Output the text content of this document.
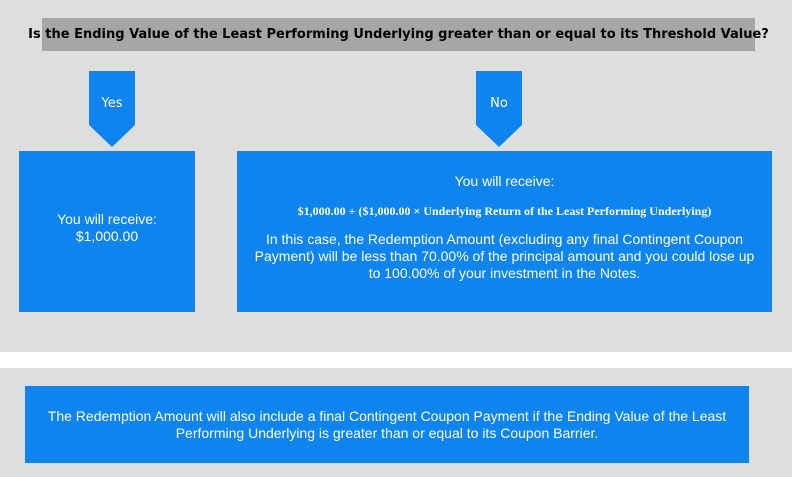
Is the Ending Value of the Least Performing Underlying greater than or equal to its Threshold Value?
Yes	No
You will receive:
$1,000.00
You will receive:
$1,000.00 + ($1,000.00 × Underlying Return of the Least Performing Underlying)
In this case, the Redemption Amount (excluding any final Contingent Coupon Payment) will be less than 70.00% of the principal amount and you could lose up to 100.00% of your investment in the Notes.
The Redemption Amount will also include a final Contingent Coupon Payment if the Ending Value of the Least Performing Underlying is greater than or equal to its Coupon Barrier.
